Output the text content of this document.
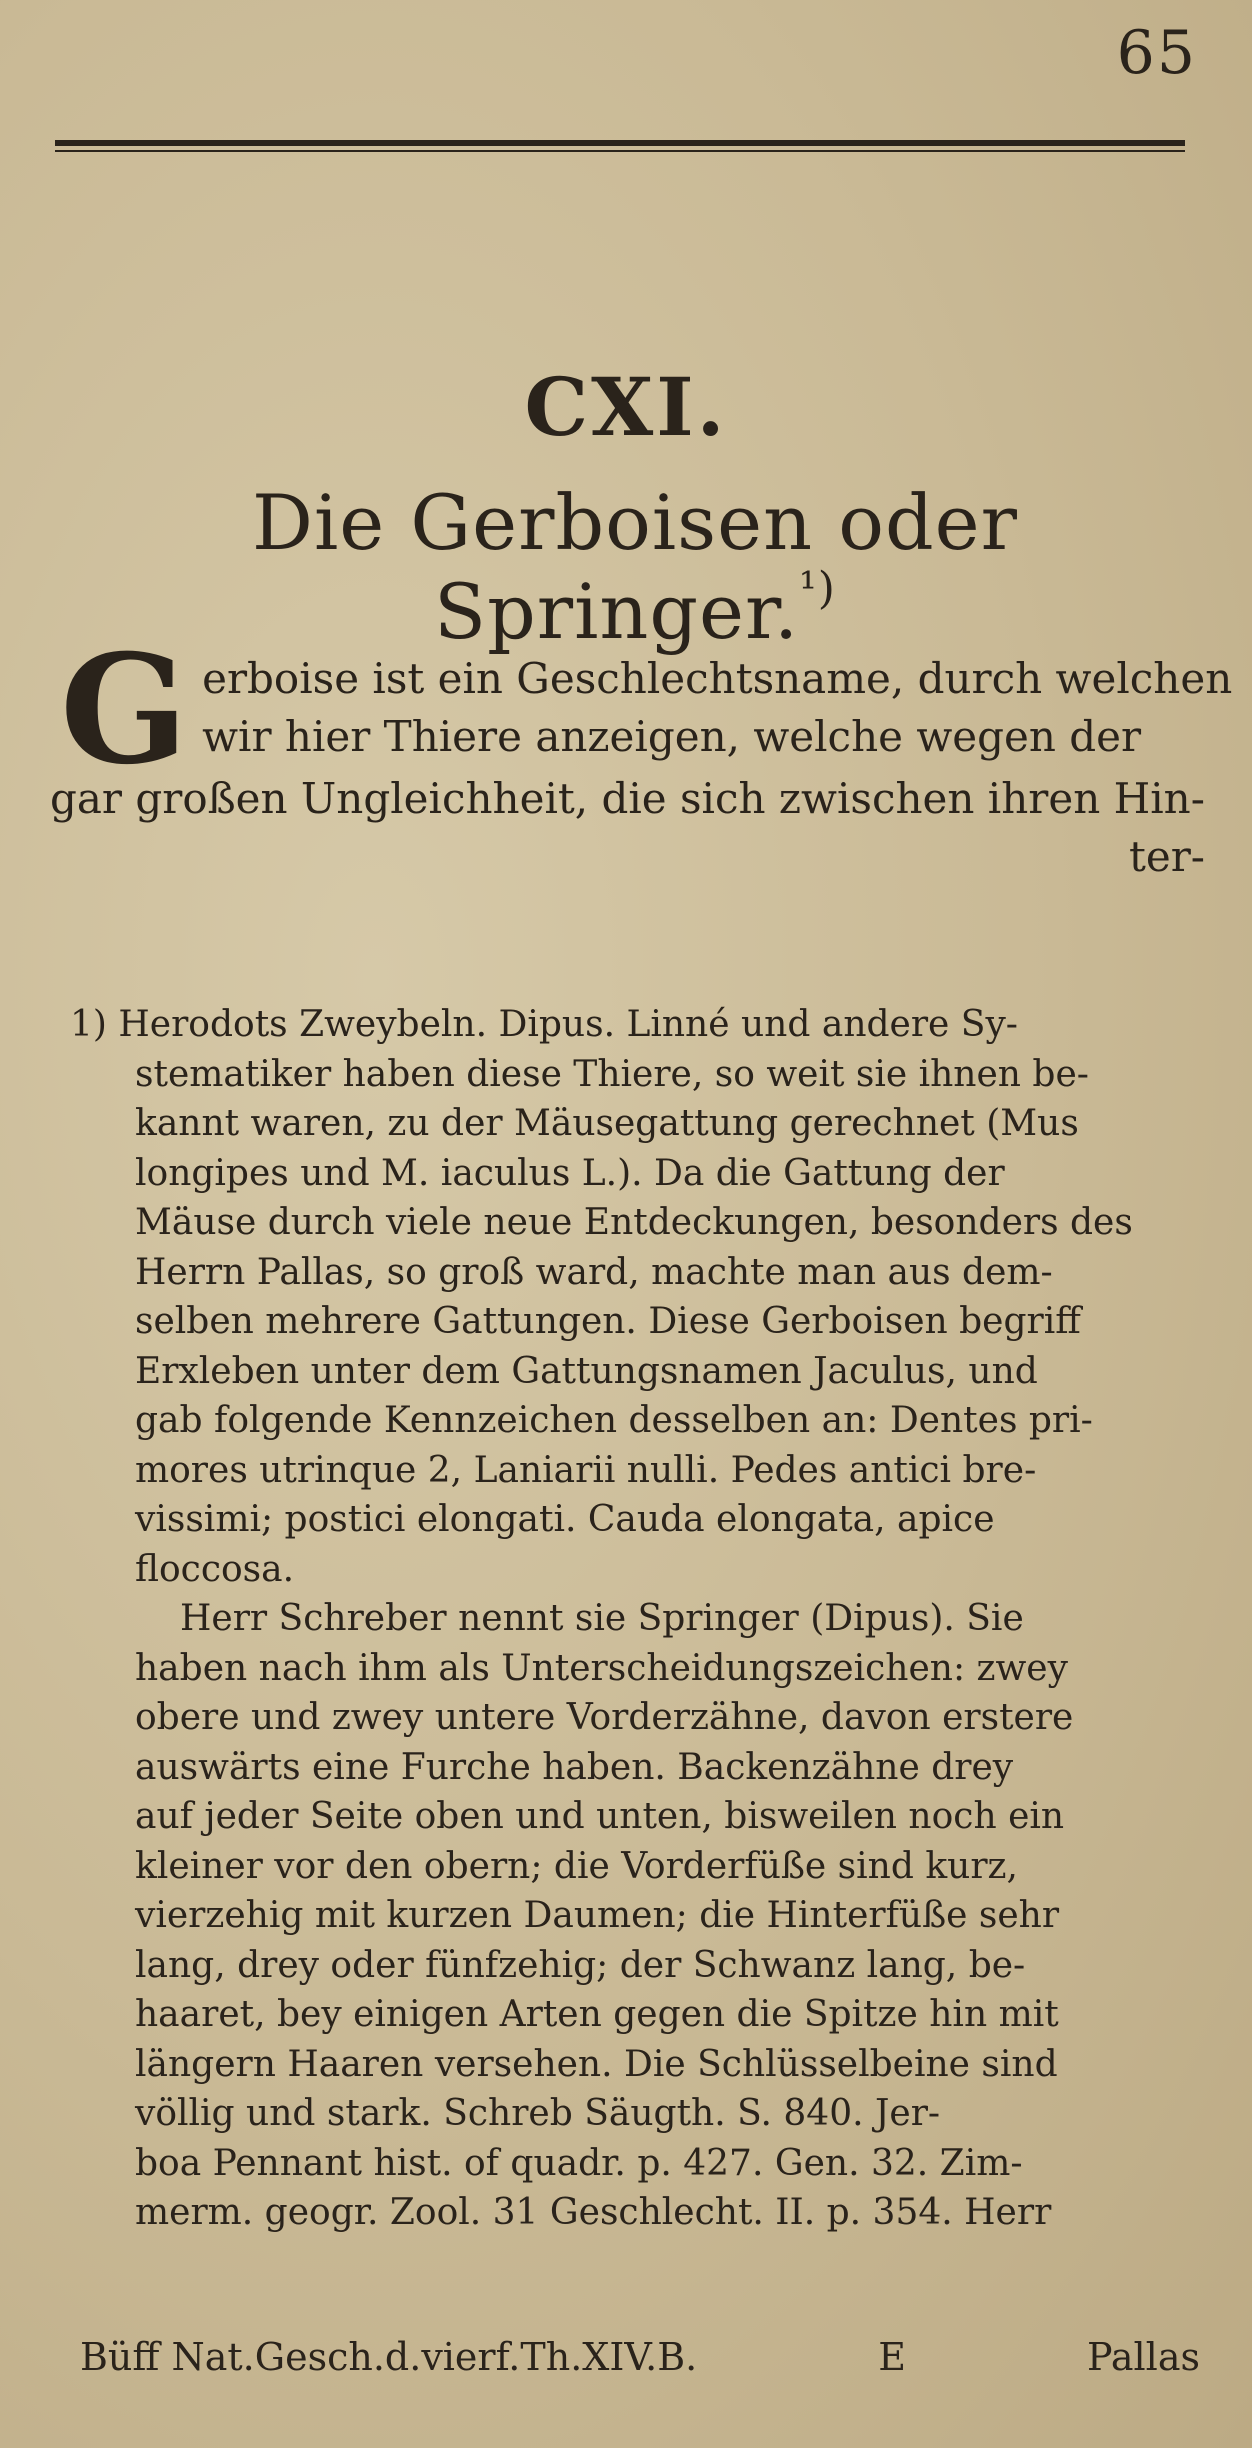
65
CXI.
Die Gerboisen oder Springer.$^{^1)}$
G erboise ist ein Geschlechtsname, durch welchen
wir hier Thiere anzeigen, welche wegen der
gar großen Ungleichheit, die sich zwischen ihren Hin-
ter-
1) Herodots Zweybeln. Dipus. Linné und andere Sy-
stematiker haben diese Thiere, so weit sie ihnen be-
kannt waren, zu der Mäusegattung gerechnet (Mus
longipes und M. iaculus L.). Da die Gattung der
Mäuse durch viele neue Entdeckungen, besonders des
Herrn Pallas, so groß ward, machte man aus dem-
selben mehrere Gattungen. Diese Gerboisen begriff
Erxleben unter dem Gattungsnamen Jaculus, und
gab folgende Kennzeichen desselben an: Dentes pri-
mores utrinque 2, Laniarii nulli. Pedes antici bre-
vissimi; postici elongati. Cauda elongata, apice
floccosa.
Herr Schreber nennt sie Springer (Dipus). Sie
haben nach ihm als Unterscheidungszeichen: zwey
obere und zwey untere Vorderzähne, davon erstere
auswärts eine Furche haben. Backenzähne drey
auf jeder Seite oben und unten, bisweilen noch ein
kleiner vor den obern; die Vorderfüße sind kurz,
vierzehig mit kurzen Daumen; die Hinterfüße sehr
lang, drey oder fünfzehig; der Schwanz lang, be-
haaret, bey einigen Arten gegen die Spitze hin mit
längern Haaren versehen. Die Schlüsselbeine sind
völlig und stark. Schreb Säugth. S. 840. Jer-
boa Pennant hist. of quadr. p. 427. Gen. 32. Zim-
merm. geogr. Zool. 31 Geschlecht. II. p. 354. Herr
Büff Nat.Gesch.d.vierf.Th.XIV.B.	E	Pallas
